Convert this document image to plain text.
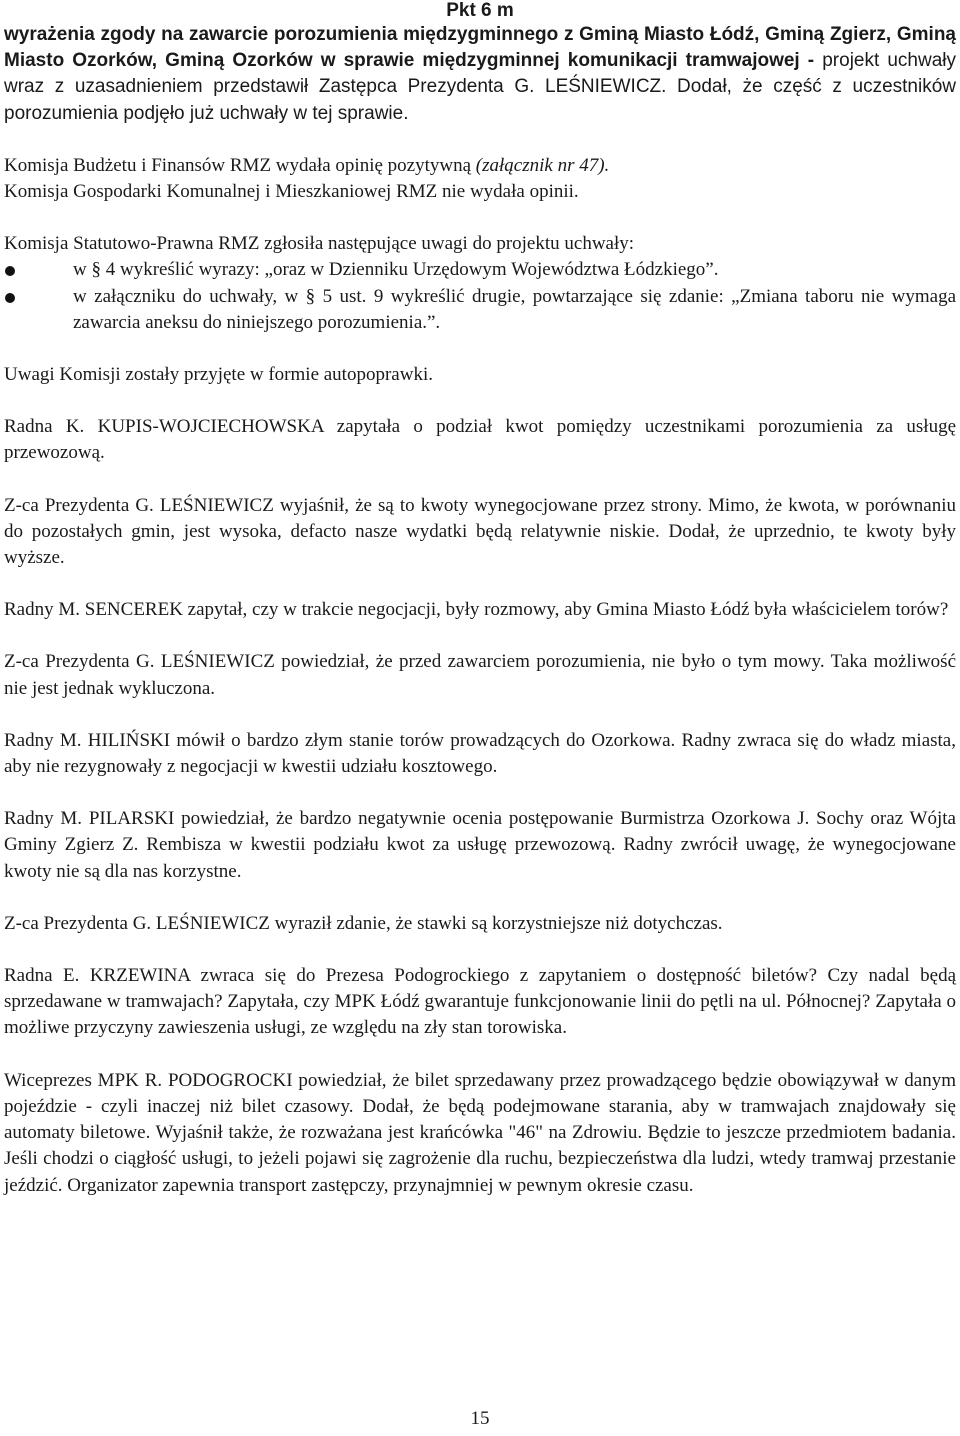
Pkt 6 m

wyrażenia zgody na zawarcie porozumienia międzygminnego z Gminą Miasto Łódź, Gminą Zgierz, Gminą Miasto Ozorków, Gminą Ozorków w sprawie międzygminnej komunikacji tramwajowej - projekt uchwały wraz z uzasadnieniem przedstawił Zastępca Prezydenta G. LEŚNIEWICZ. Dodał, że część z uczestników porozumienia podjęło już uchwały w tej sprawie.

Komisja Budżetu i Finansów RMZ wydała opinię pozytywną (załącznik nr 47).

Komisja Gospodarki Komunalnej i Mieszkaniowej RMZ nie wydała opinii.

Komisja Statutowo-Prawna RMZ zgłosiła następujące uwagi do projektu uchwały:

w § 4 wykreślić wyrazy: „oraz w Dzienniku Urzędowym Województwa Łódzkiego”.
w załączniku do uchwały, w § 5 ust. 9 wykreślić drugie, powtarzające się zdanie: „Zmiana taboru nie wymaga zawarcia aneksu do niniejszego porozumienia.”.

Uwagi Komisji zostały przyjęte w formie autopoprawki.

Radna K. KUPIS-WOJCIECHOWSKA zapytała o podział kwot pomiędzy uczestnikami porozumienia za usługę przewozową.

Z-ca Prezydenta G. LEŚNIEWICZ wyjaśnił, że są to kwoty wynegocjowane przez strony. Mimo, że kwota, w porównaniu do pozostałych gmin, jest wysoka, defacto nasze wydatki będą relatywnie niskie. Dodał, że uprzednio, te kwoty były wyższe.

Radny M. SENCEREK zapytał, czy w trakcie negocjacji, były rozmowy, aby Gmina Miasto Łódź była właścicielem torów?

Z-ca Prezydenta G. LEŚNIEWICZ powiedział, że przed zawarciem porozumienia, nie było o tym mowy. Taka możliwość nie jest jednak wykluczona.

Radny M. HILIŃSKI mówił o bardzo złym stanie torów prowadzących do Ozorkowa. Radny zwraca się do władz miasta, aby nie rezygnowały z negocjacji w kwestii udziału kosztowego.

Radny M. PILARSKI powiedział, że bardzo negatywnie ocenia postępowanie Burmistrza Ozorkowa J. Sochy oraz Wójta Gminy Zgierz Z. Rembisza w kwestii podziału kwot za usługę przewozową. Radny zwrócił uwagę, że wynegocjowane kwoty nie są dla nas korzystne.

Z-ca Prezydenta G. LEŚNIEWICZ wyraził zdanie, że stawki są korzystniejsze niż dotychczas.

Radna E. KRZEWINA zwraca się do Prezesa Podogrockiego z zapytaniem o dostępność biletów? Czy nadal będą sprzedawane w tramwajach? Zapytała, czy MPK Łódź gwarantuje funkcjonowanie linii do pętli na ul. Północnej? Zapytała o możliwe przyczyny zawieszenia usługi, ze względu na zły stan torowiska.

Wiceprezes MPK R. PODOGROCKI powiedział, że bilet sprzedawany przez prowadzącego będzie obowiązywał w danym pojeździe - czyli inaczej niż bilet czasowy. Dodał, że będą podejmowane starania, aby w tramwajach znajdowały się automaty biletowe. Wyjaśnił także, że rozważana jest krańcówka "46" na Zdrowiu. Będzie to jeszcze przedmiotem badania. Jeśli chodzi o ciągłość usługi, to jeżeli pojawi się zagrożenie dla ruchu, bezpieczeństwa dla ludzi, wtedy tramwaj przestanie jeździć. Organizator zapewnia transport zastępczy, przynajmniej w pewnym okresie czasu.

15
